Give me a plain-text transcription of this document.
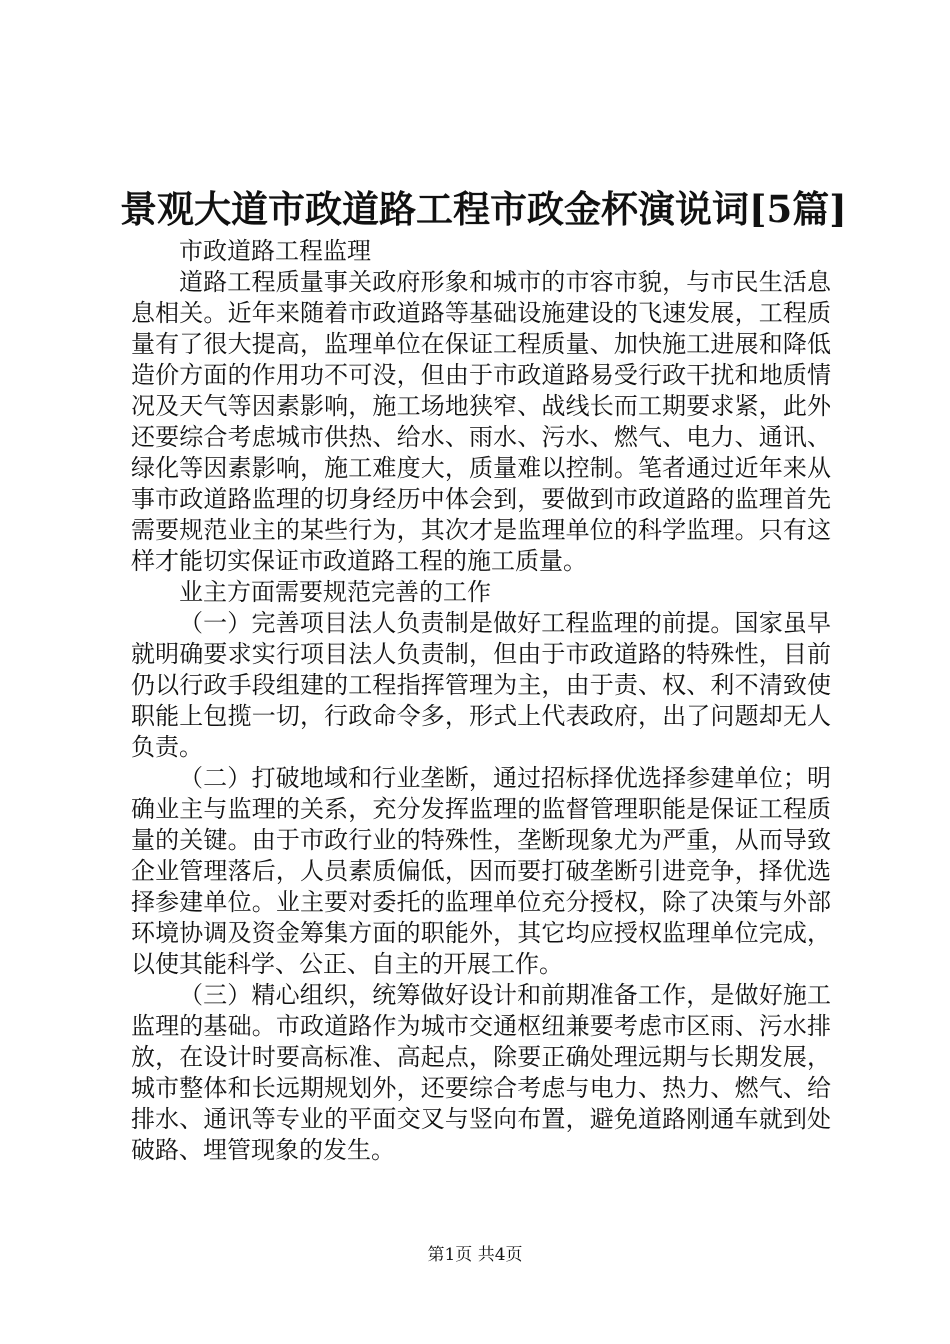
景观大道市政道路工程市政金杯演说词[5篇]

市政道路工程监理

道路工程质量事关政府形象和城市的市容市貌，与市民生活息息相关。近年来随着市政道路等基础设施建设的飞速发展，工程质量有了很大提高，监理单位在保证工程质量、加快施工进展和降低造价方面的作用功不可没，但由于市政道路易受行政干扰和地质情况及天气等因素影响，施工场地狭窄、战线长而工期要求紧，此外还要综合考虑城市供热、给水、雨水、污水、燃气、电力、通讯、绿化等因素影响，施工难度大，质量难以控制。笔者通过近年来从事市政道路监理的切身经历中体会到，要做到市政道路的监理首先需要规范业主的某些行为，其次才是监理单位的科学监理。只有这样才能切实保证市政道路工程的施工质量。

业主方面需要规范完善的工作

（一）完善项目法人负责制是做好工程监理的前提。国家虽早就明确要求实行项目法人负责制，但由于市政道路的特殊性，目前仍以行政手段组建的工程指挥管理为主，由于责、权、利不清致使职能上包揽一切，行政命令多，形式上代表政府，出了问题却无人负责。

（二）打破地域和行业垄断，通过招标择优选择参建单位；明确业主与监理的关系，充分发挥监理的监督管理职能是保证工程质量的关键。由于市政行业的特殊性，垄断现象尤为严重，从而导致企业管理落后，人员素质偏低，因而要打破垄断引进竞争，择优选择参建单位。业主要对委托的监理单位充分授权，除了决策与外部环境协调及资金筹集方面的职能外，其它均应授权监理单位完成，以使其能科学、公正、自主的开展工作。

（三）精心组织，统筹做好设计和前期准备工作，是做好施工监理的基础。市政道路作为城市交通枢纽兼要考虑市区雨、污水排放，在设计时要高标准、高起点，除要正确处理远期与长期发展，城市整体和长远期规划外，还要综合考虑与电力、热力、燃气、给排水、通讯等专业的平面交叉与竖向布置，避免道路刚通车就到处破路、埋管现象的发生。

第1页 共4页
